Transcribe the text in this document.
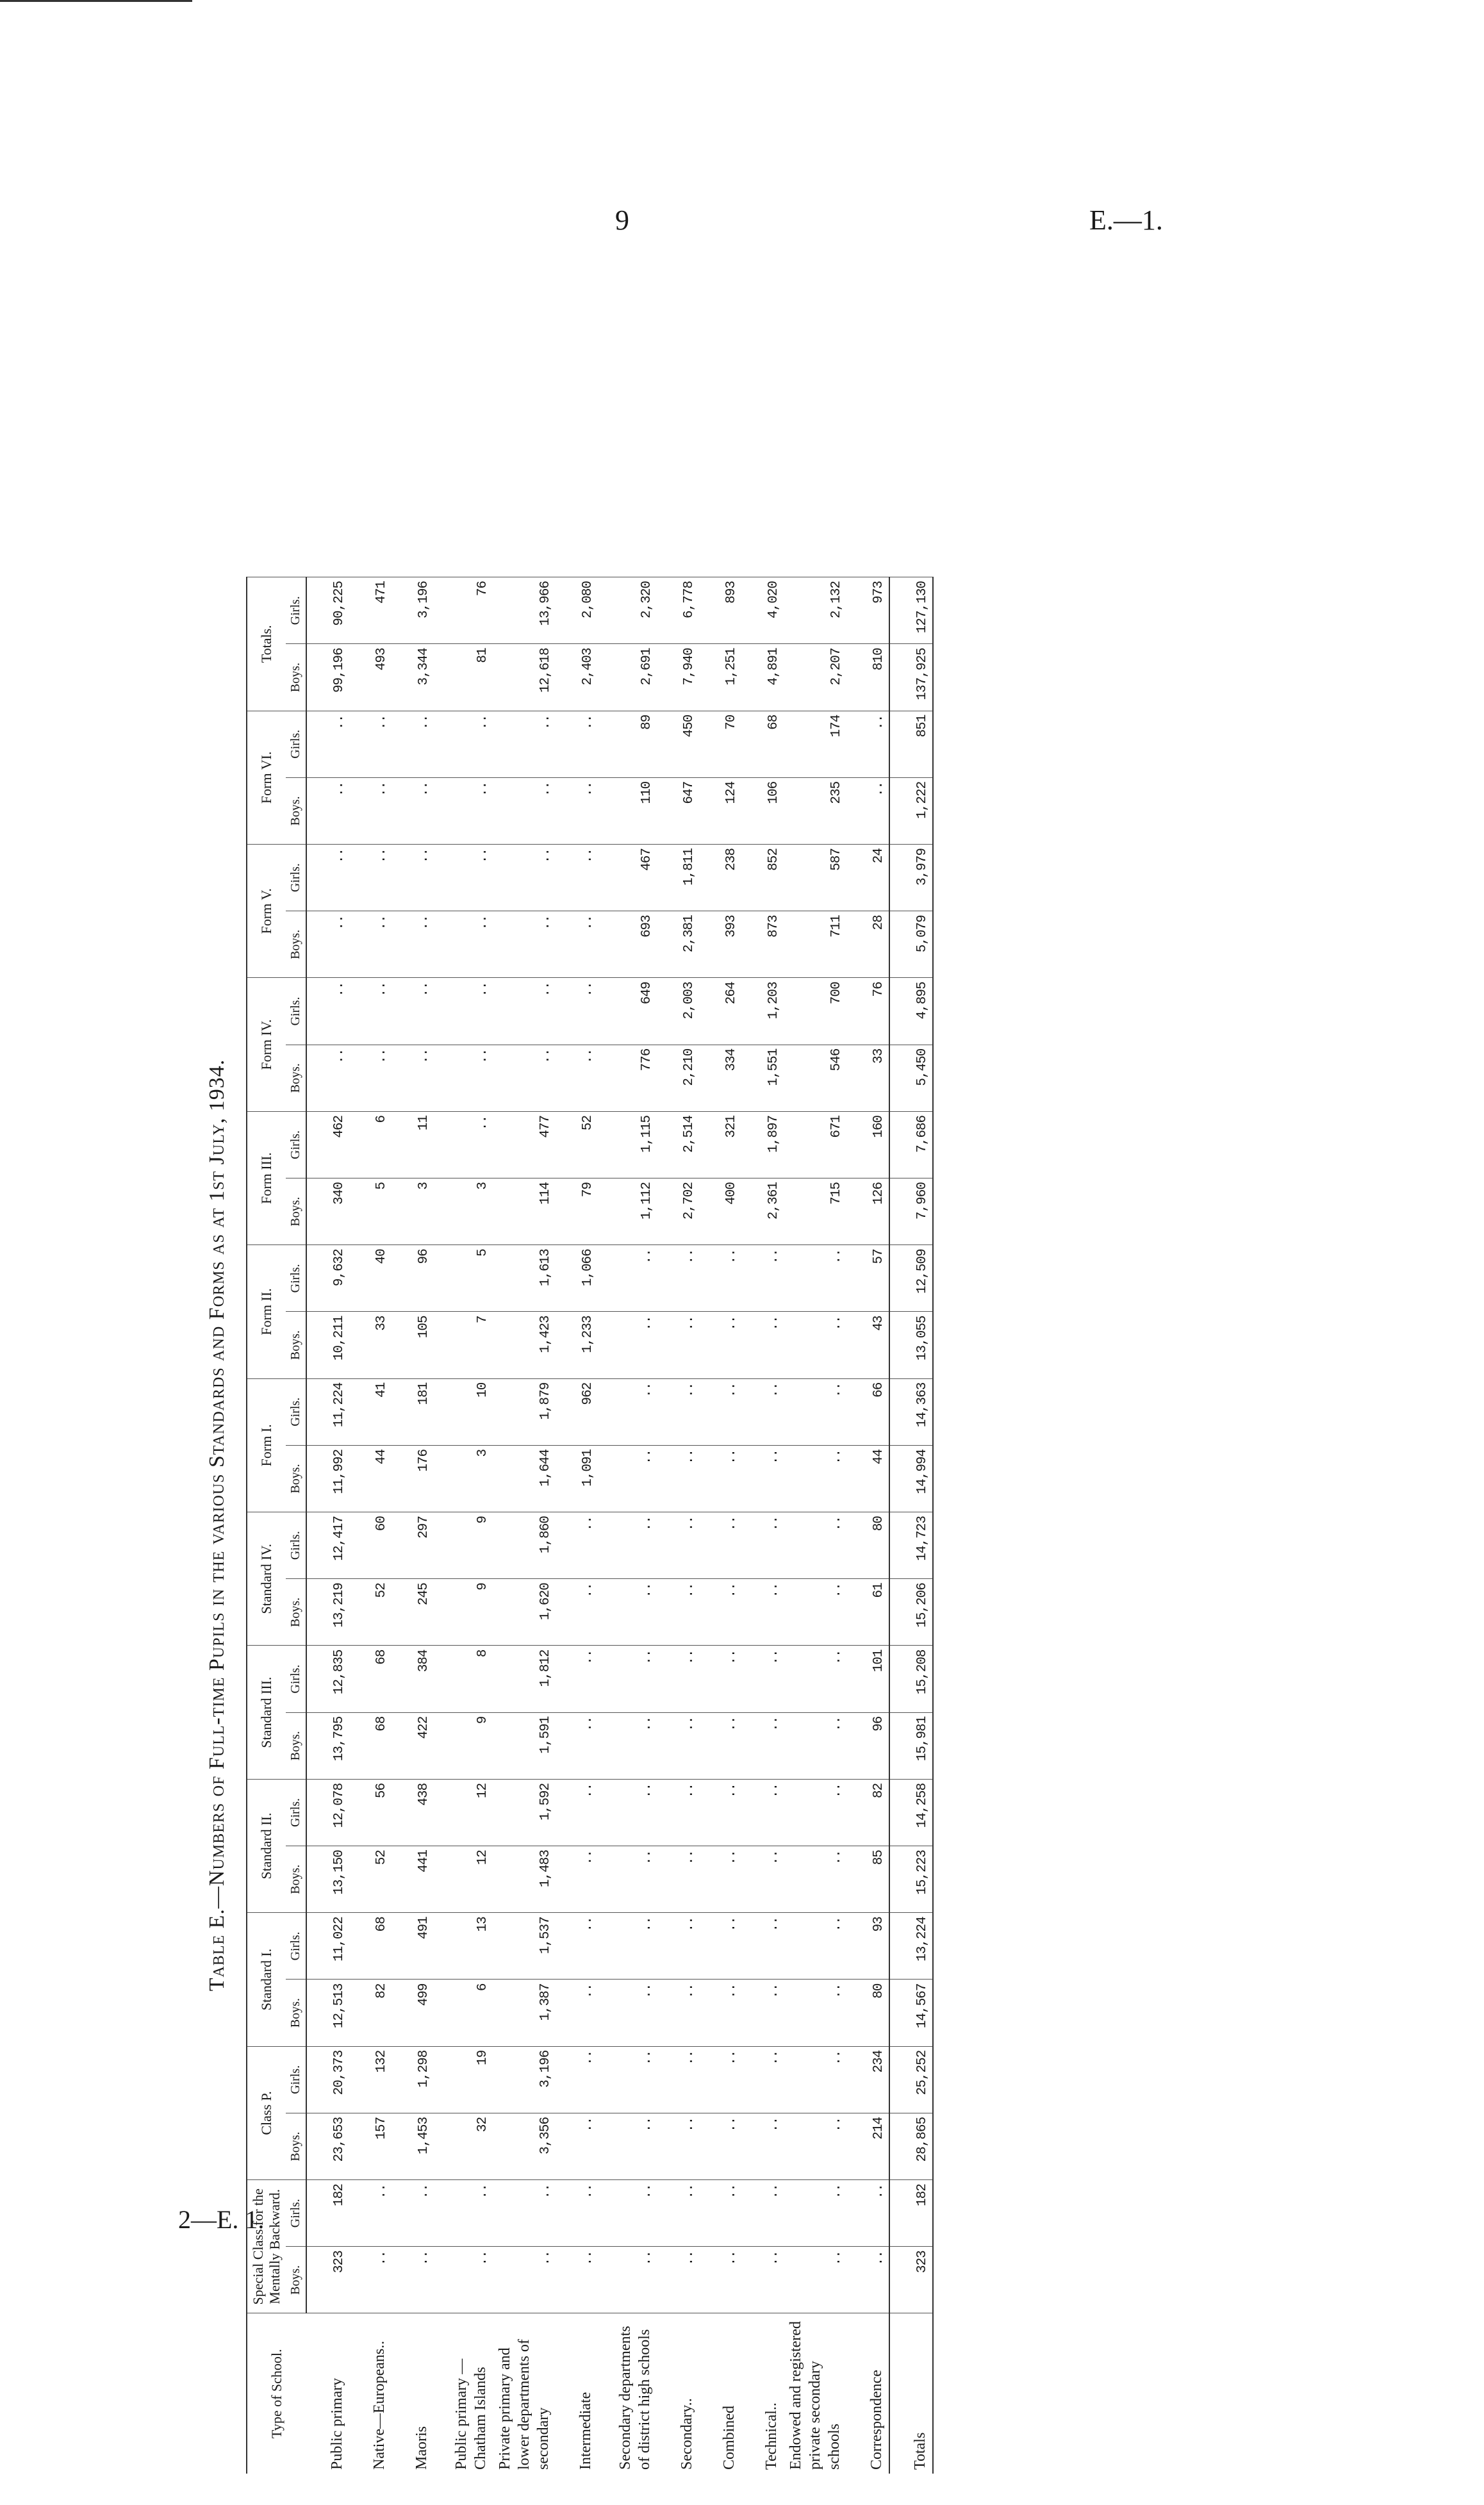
9	E.—1.
2—E. 1.
Table E.—Numbers of Full-time Pupils in the various Standards and Forms as at 1st July, 1934.
Type of School.	Special Class for the Mentally Backward.		Class P.		Standard I.		Standard II.		Standard III.		Standard IV.		Form I.		Form II.		Form III.		Form IV.		Form V.		Form VI.		Totals.	
	Boys.	Girls.	Boys.	Girls.	Boys.	Girls.	Boys.	Girls.	Boys.	Girls.	Boys.	Girls.	Boys.	Girls.	Boys.	Girls.	Boys.	Girls.	Boys.	Girls.	Boys.	Girls.	Boys.	Girls.	Boys.	Girls.
Public primary	323	182	23,653	20,373	12,513	11,022	13,150	12,078	13,795	12,835	13,219	12,417	11,992	11,224	10,211	9,632	340	462	..	..	..	..	..	..	99,196	90,225
Native—Europeans..	..	..	157	132	82	68	52	56	68	68	52	60	44	41	33	40	5	6	..	..	..	..	..	..	493	471
Maoris	..	..	1,453	1,298	499	491	441	438	422	384	245	297	176	181	105	96	3	11	..	..	..	..	..	..	3,344	3,196
Public primary — Chatham Islands	..	..	32	19	6	13	12	12	9	8	9	9	3	10	7	5	3	..	..	..	..	..	..	..	81	76
Private primary and lower departments of secondary	..	..	3,356	3,196	1,387	1,537	1,483	1,592	1,591	1,812	1,620	1,860	1,644	1,879	1,423	1,613	114	477	..	..	..	..	..	..	12,618	13,966
Intermediate	..	..	..	..	..	..	..	..	..	..	..	..	1,091	962	1,233	1,066	79	52	..	..	..	..	..	..	2,403	2,080
Secondary departments of district high schools	..	..	..	..	..	..	..	..	..	..	..	..	..	..	..	..	1,112	1,115	776	649	693	467	110	89	2,691	2,320
Secondary..	..	..	..	..	..	..	..	..	..	..	..	..	..	..	..	..	2,702	2,514	2,210	2,003	2,381	1,811	647	450	7,940	6,778
Combined	..	..	..	..	..	..	..	..	..	..	..	..	..	..	..	..	400	321	334	264	393	238	124	70	1,251	893
Technical..	..	..	..	..	..	..	..	..	..	..	..	..	..	..	..	..	2,361	1,897	1,551	1,203	873	852	106	68	4,891	4,020
Endowed and registered private secondary schools	..	..	..	..	..	..	..	..	..	..	..	..	..	..	..	..	715	671	546	700	711	587	235	174	2,207	2,132
Correspondence	..	..	214	234	80	93	85	82	96	101	61	80	44	66	43	57	126	160	33	76	28	24	..	..	810	973
Totals	323	182	28,865	25,252	14,567	13,224	15,223	14,258	15,981	15,208	15,206	14,723	14,994	14,363	13,055	12,509	7,960	7,686	5,450	4,895	5,079	3,979	1,222	851	137,925	127,130
